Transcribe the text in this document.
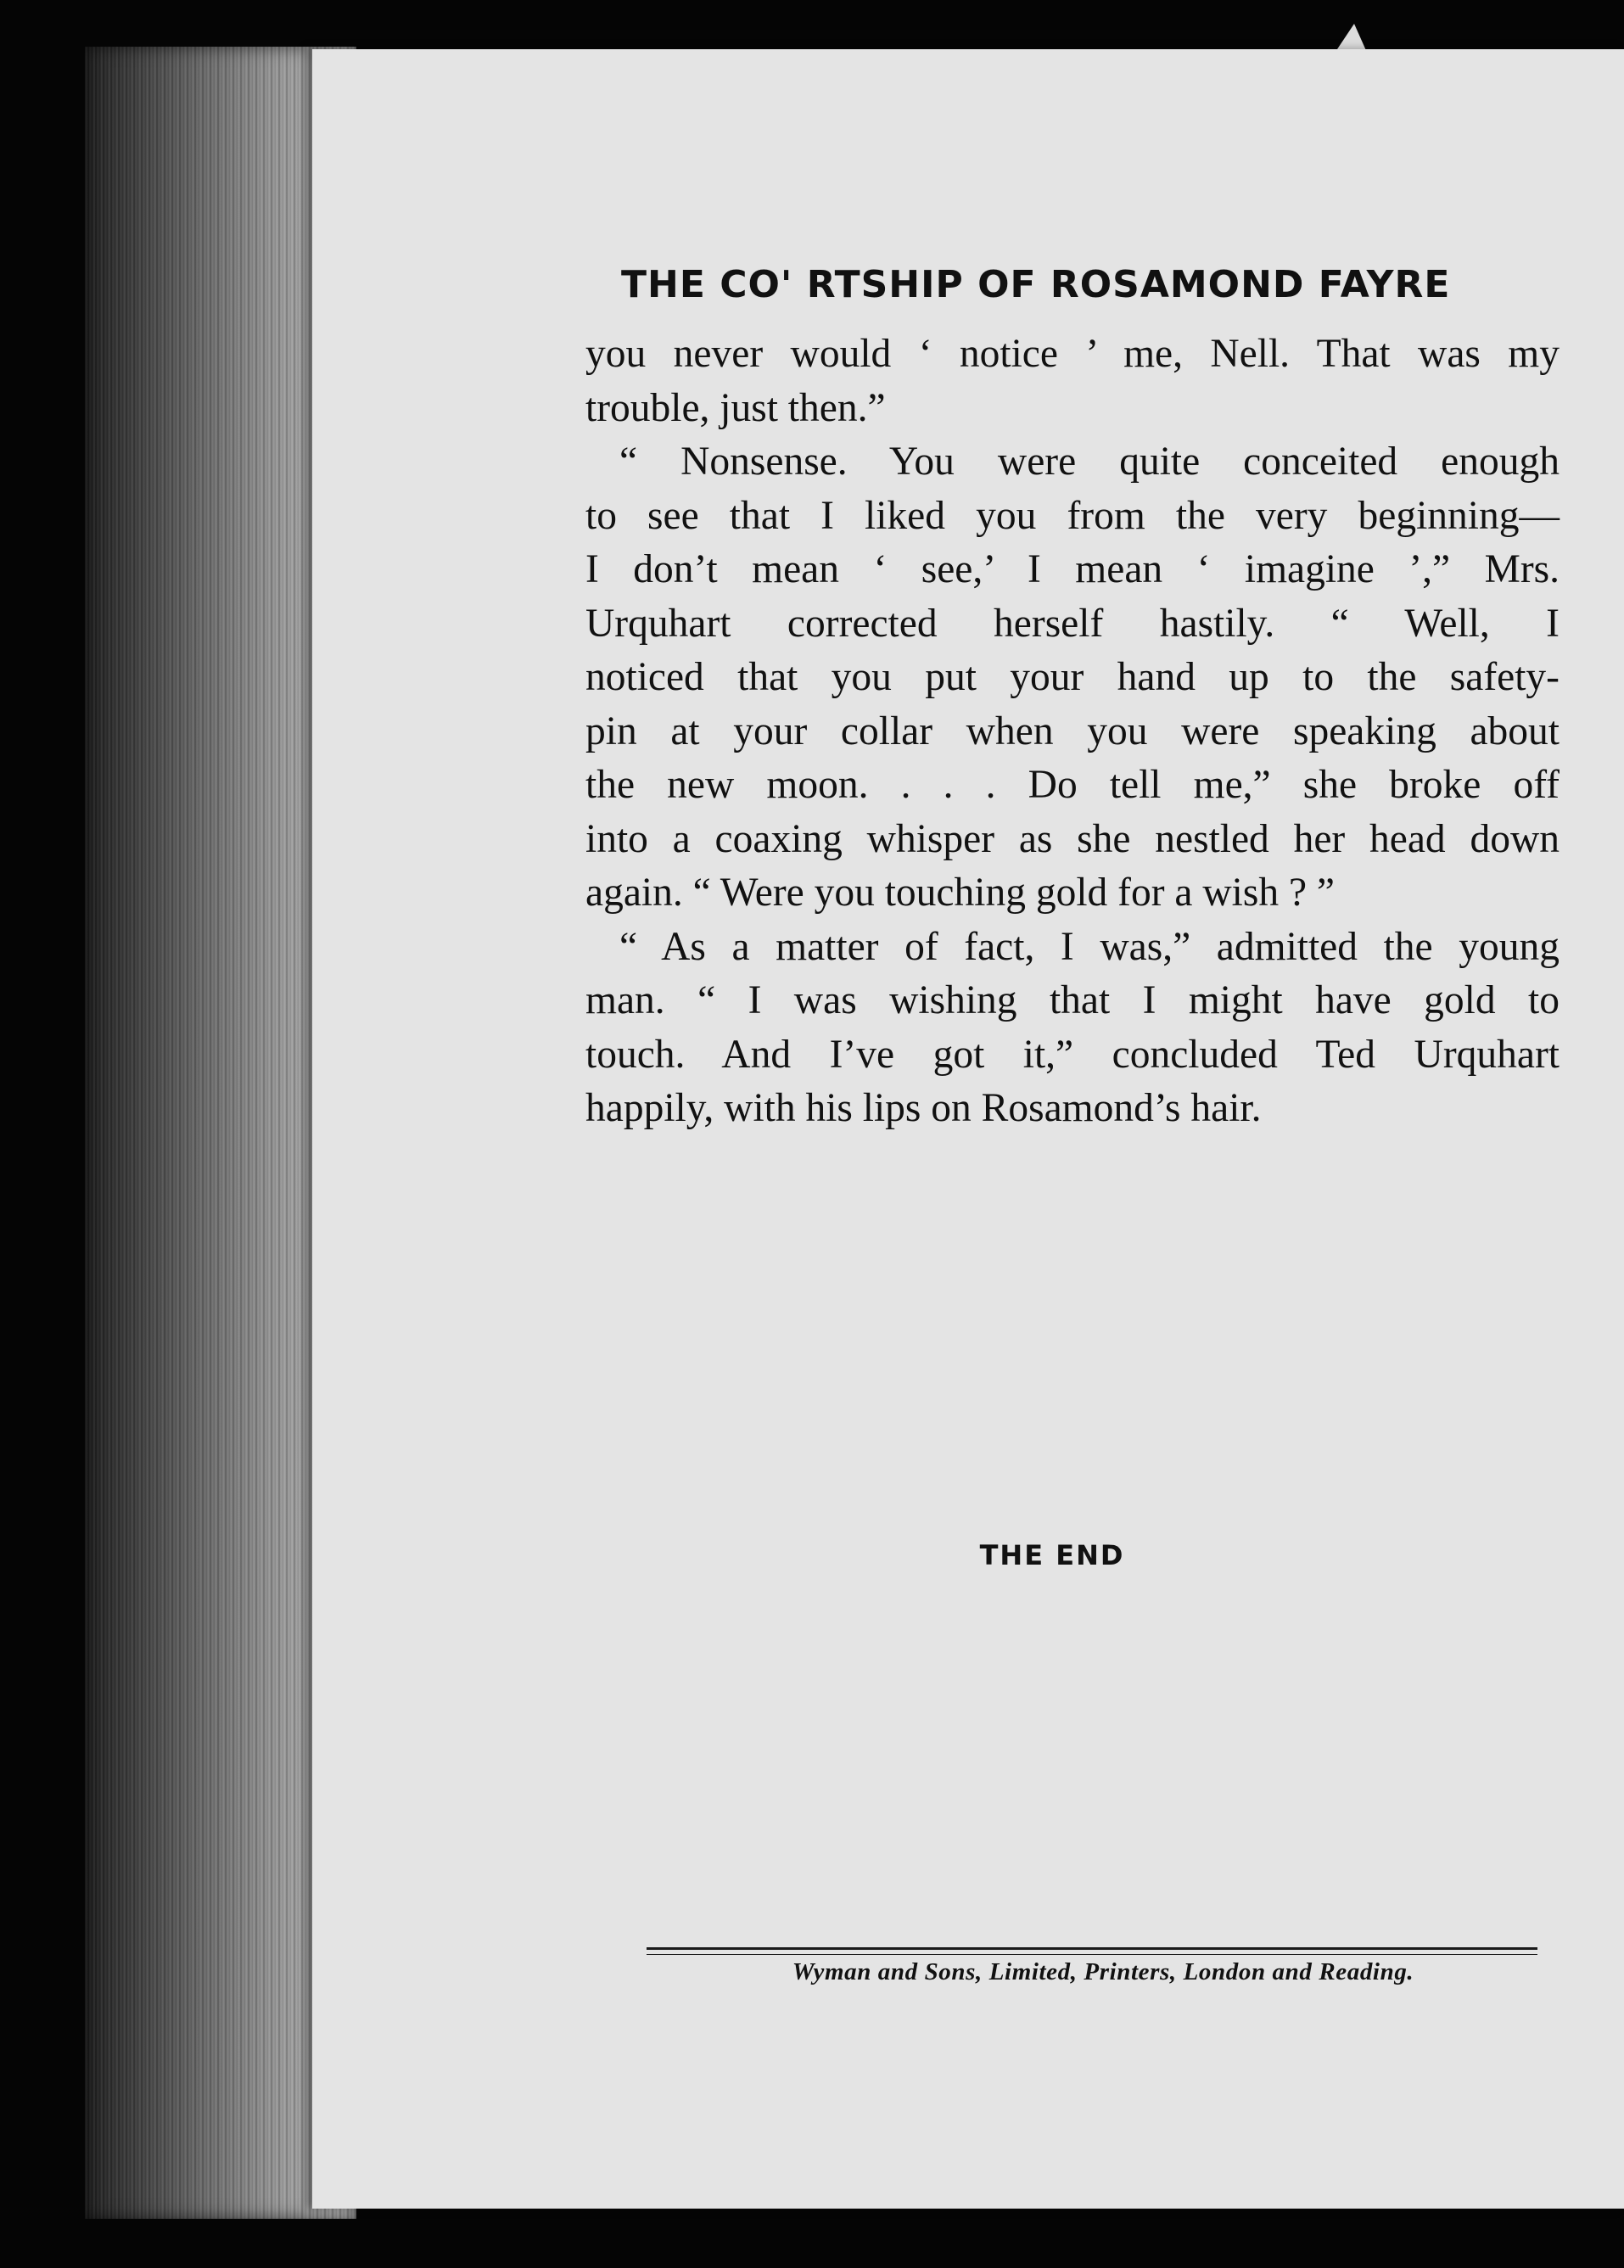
THE CO' RTSHIP OF ROSAMOND FAYRE
you never would ‘ notice ’ me, Nell. That was my
trouble, just then.”
“ Nonsense. You were quite conceited enough
to see that I liked you from the very beginning—
I don’t mean ‘ see,’ I mean ‘ imagine ’,” Mrs.
Urquhart corrected herself hastily. “ Well, I
noticed that you put your hand up to the safety-
pin at your collar when you were speaking about
the new moon. . . . Do tell me,” she broke off
into a coaxing whisper as she nestled her head down
again. “ Were you touching gold for a wish ? ”
“ As a matter of fact, I was,” admitted the young
man. “ I was wishing that I might have gold to
touch. And I’ve got it,” concluded Ted Urquhart
happily, with his lips on Rosamond’s hair.
THE END
Wyman and Sons, Limited, Printers, London and Reading.
